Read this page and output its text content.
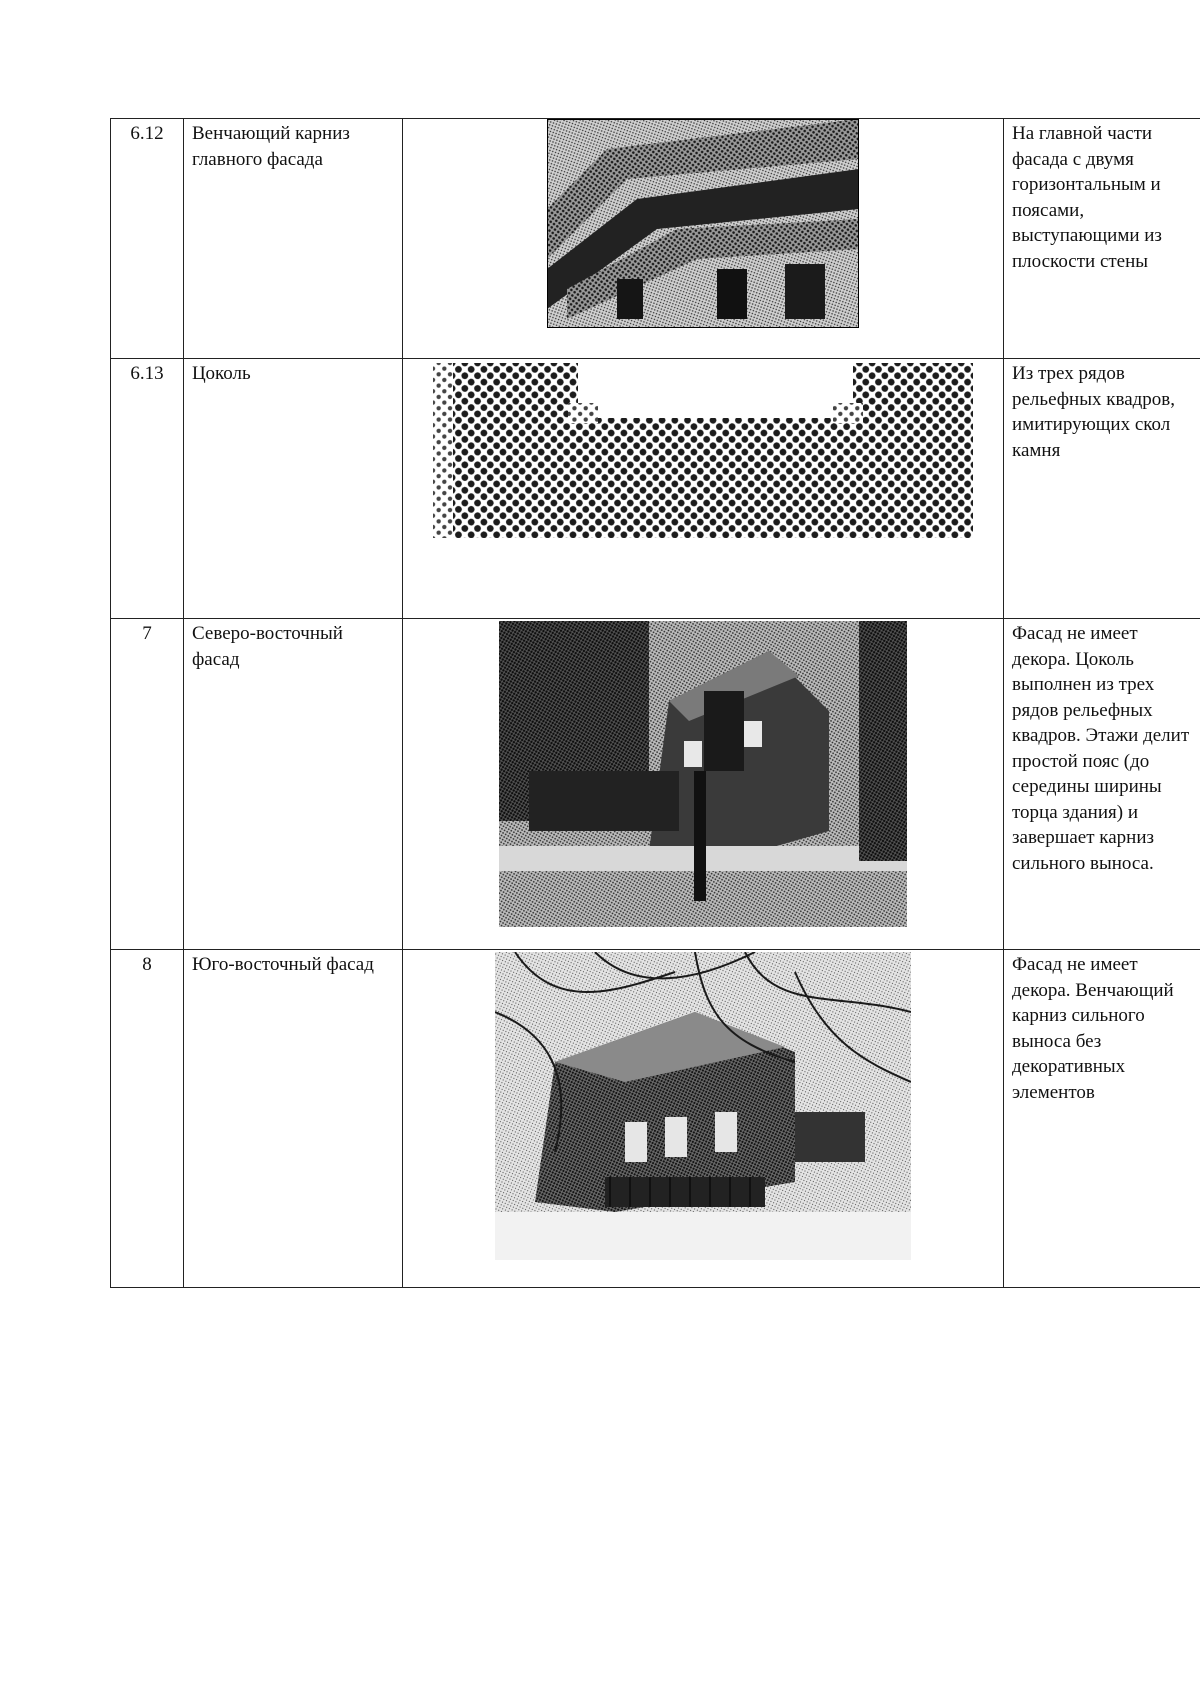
6.12	Венчающий карниз главного фасада		На главной части фасада с двумя горизонтальным и поясами, выступающими из плоскости стены
6.13	Цоколь		Из трех рядов рельефных квадров, имитирующих скол камня
7	Северо-восточный фасад		Фасад не имеет декора. Цоколь выполнен из трех рядов рельефных квадров. Этажи делит простой пояс (до середины ширины торца здания) и завершает карниз сильного выноса.
8	Юго-восточный фасад		Фасад не имеет декора. Венчающий карниз сильного выноса без декоративных элементов
